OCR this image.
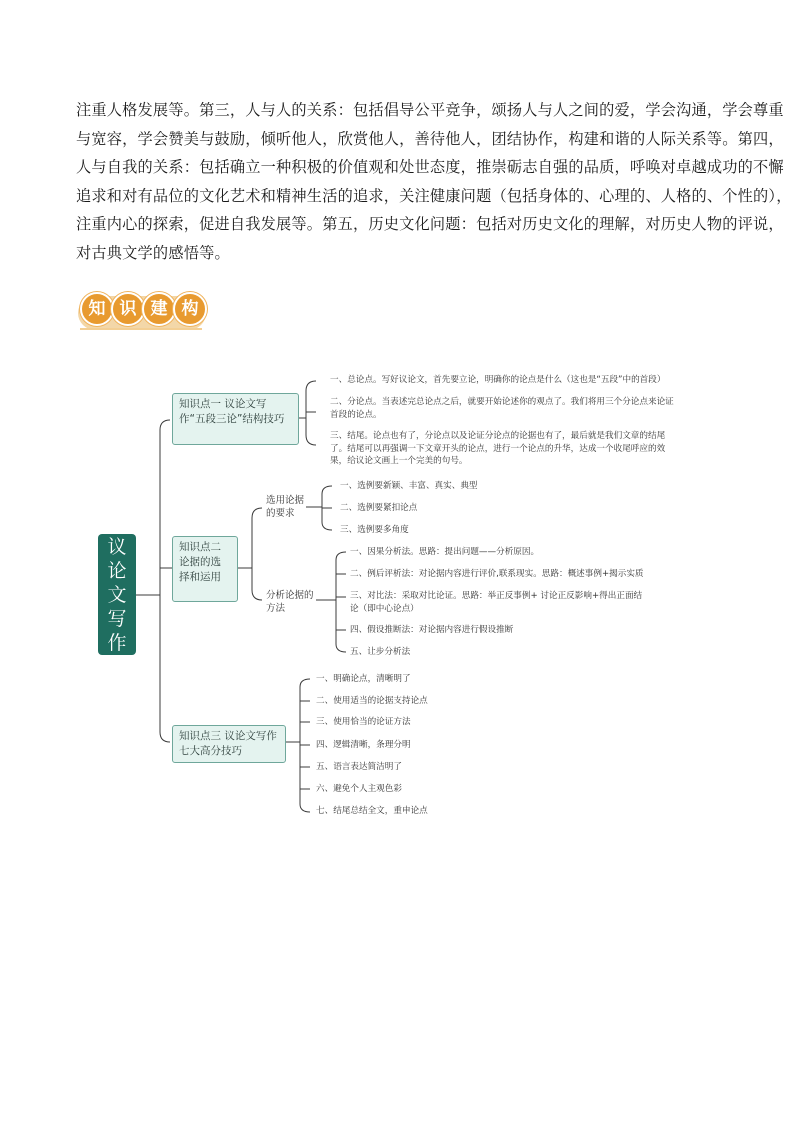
注重人格发展等。第三，人与人的关系：包括倡导公平竞争，颂扬人与人之间的爱，学会沟通，学会尊重
与宽容，学会赞美与鼓励，倾听他人，欣赏他人，善待他人，团结协作，构建和谐的人际关系等。第四，
人与自我的关系：包括确立一种积极的价值观和处世态度，推崇砺志自强的品质，呼唤对卓越成功的不懈
追求和对有品位的文化艺术和精神生活的追求，关注健康问题（包括身体的、心理的、人格的、个性的），
注重内心的探索，促进自我发展等。第五，历史文化问题：包括对历史文化的理解，对历史人物的评说，
对古典文学的感悟等。
知 识 建 构
议
论
文
写
作
知识点一 议论文写作“五段三论”结构技巧
一、总论点。写好议论文，首先要立论，明确你的论点是什么（这也是“五段”中的首段）
二、分论点。当表述完总论点之后，就要开始论述你的观点了。我们将用三个分论点来论证首段的论点。
三、结尾。论点也有了，分论点以及论证分论点的论据也有了，最后就是我们文章的结尾了。结尾可以再强调一下文章开头的论点，进行一个论点的升华，达成一个收尾呼应的效果，给议论文画上一个完美的句号。
知识点二 论据的选择和运用
选用论据的要求
一、选例要新颖、丰富、真实、典型
二、选例要紧扣论点
三、选例要多角度
分析论据的方法
一、因果分析法。思路：提出问题——分析原因。
二、例后评析法：对论据内容进行评价,联系现实。思路：概述事例+揭示实质
三、对比法：采取对比论证。思路：举正反事例+ 讨论正反影响+得出正面结论（即中心论点）
四、假设推断法：对论据内容进行假设推断
五、让步分析法
知识点三 议论文写作七大高分技巧
一、明确论点，清晰明了
二、使用适当的论据支持论点
三、使用恰当的论证方法
四、逻辑清晰，条理分明
五、语言表达简洁明了
六、避免个人主观色彩
七、结尾总结全文，重申论点
